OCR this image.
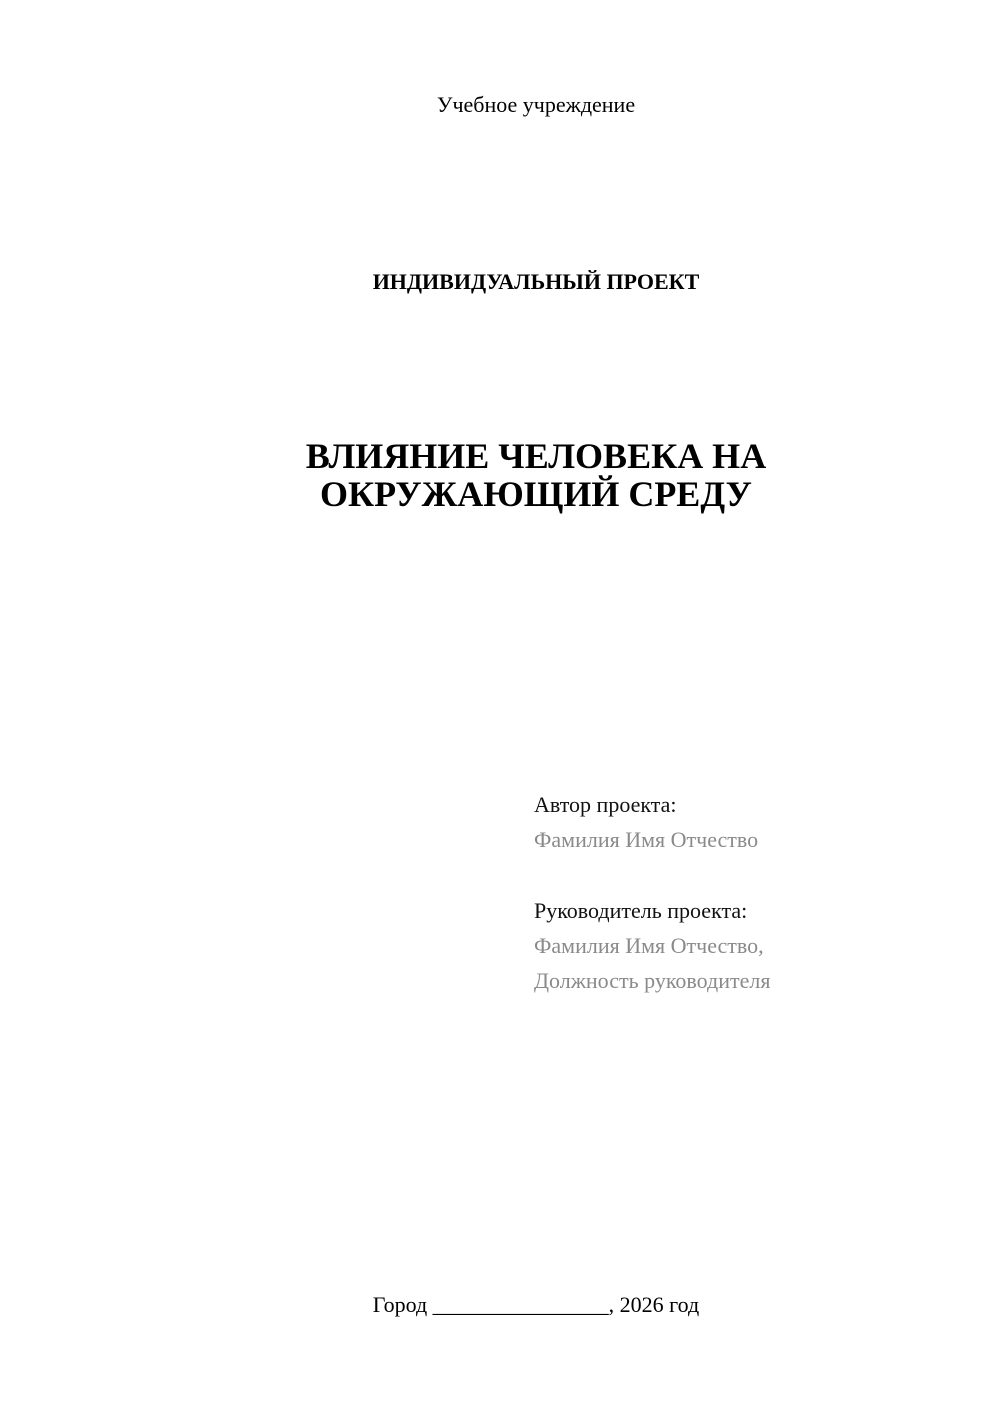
Учебное учреждение
ИНДИВИДУАЛЬНЫЙ ПРОЕКТ
ВЛИЯНИЕ ЧЕЛОВЕКА НА
ОКРУЖАЮЩИЙ СРЕДУ
Автор проекта:
Фамилия Имя Отчество
Руководитель проекта:
Фамилия Имя Отчество,
Должность руководителя
Город ________________, 2026 год
